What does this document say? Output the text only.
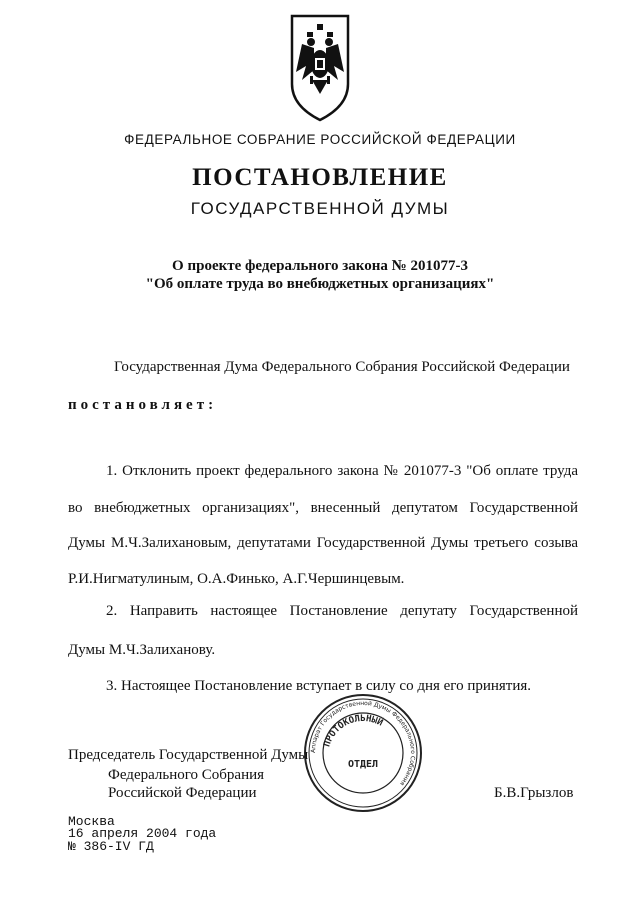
ФЕДЕРАЛЬНОЕ СОБРАНИЕ РОССИЙСКОЙ ФЕДЕРАЦИИ
ПОСТАНОВЛЕНИЕ
ГОСУДАРСТВЕННОЙ ДУМЫ
О проекте федерального закона № 201077-3
"Об оплате труда во внебюджетных организациях"
Государственная Дума Федерального Собрания Российской Федерации
постановляет:
1. Отклонить проект федерального закона № 201077-3 "Об оплате труда
во внебюджетных организациях", внесенный депутатом Государственной
Думы М.Ч.Залихановым, депутатами Государственной Думы третьего созыва
Р.И.Нигматулиным, О.А.Финько, А.Г.Чершинцевым.
2. Направить настоящее Постановление депутату Государственной
Думы М.Ч.Залиханову.
3. Настоящее Постановление вступает в силу со дня его принятия.
Аппарат Государственной Думы Федерального Собрания
ПРОТОКОЛЬНЫЙ
ОТДЕЛ
Председатель Государственной Думы
Федерального Собрания
Российской Федерации	Б.В.Грызлов
Москва
16 апреля 2004 года
№ 386-IV ГД
